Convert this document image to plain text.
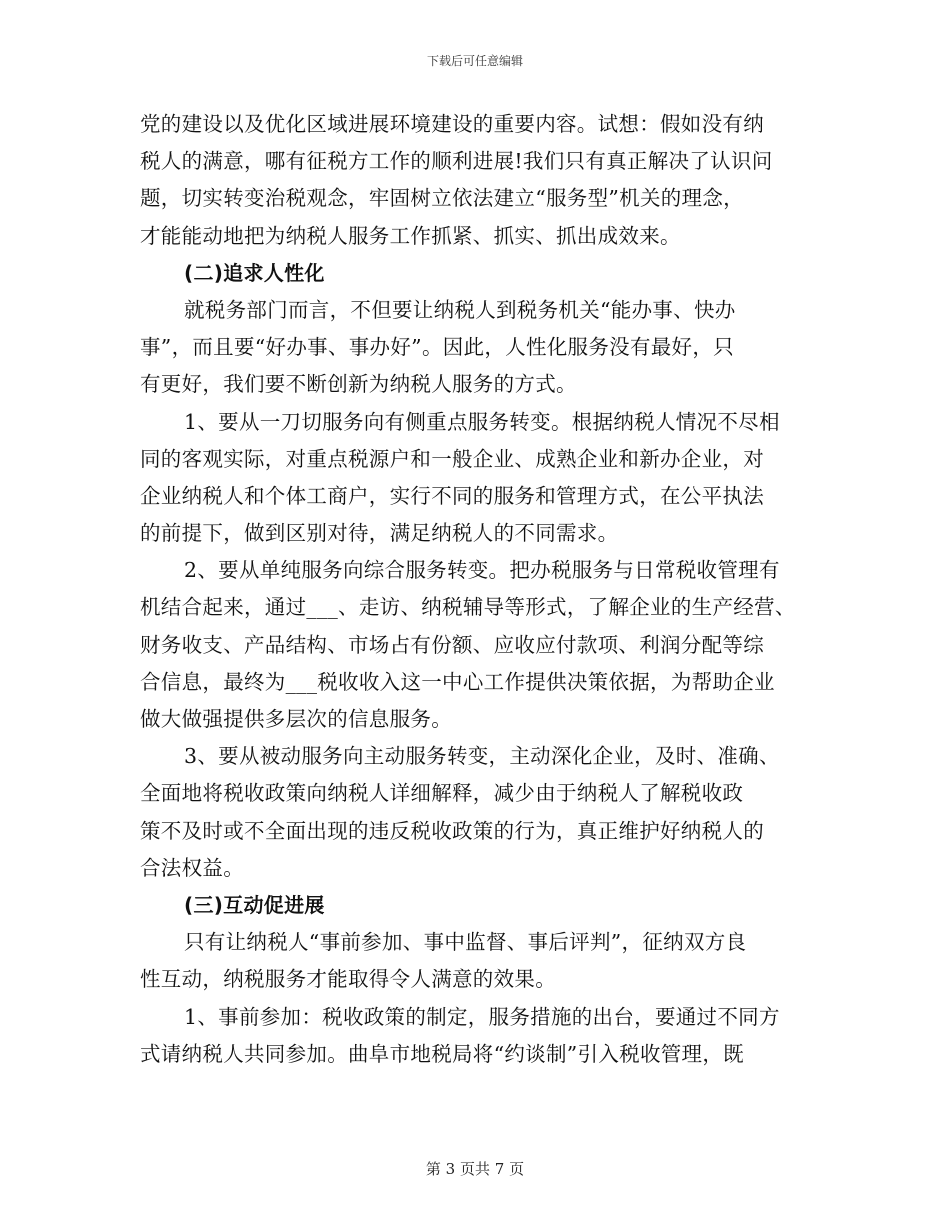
下载后可任意编辑
党的建设以及优化区域进展环境建设的重要内容。试想：假如没有纳
税人的满意，哪有征税方工作的顺利进展!我们只有真正解决了认识问
题，切实转变治税观念，牢固树立依法建立“服务型”机关的理念，
才能能动地把为纳税人服务工作抓紧、抓实、抓出成效来。
(二)追求人性化
就税务部门而言，不但要让纳税人到税务机关“能办事、快办
事”，而且要“好办事、事办好”。因此，人性化服务没有最好，只
有更好，我们要不断创新为纳税人服务的方式。
1、要从一刀切服务向有侧重点服务转变。根据纳税人情况不尽相
同的客观实际，对重点税源户和一般企业、成熟企业和新办企业，对
企业纳税人和个体工商户，实行不同的服务和管理方式，在公平执法
的前提下，做到区别对待，满足纳税人的不同需求。
2、要从单纯服务向综合服务转变。把办税服务与日常税收管理有
机结合起来，通过___、走访、纳税辅导等形式，了解企业的生产经营、
财务收支、产品结构、市场占有份额、应收应付款项、利润分配等综
合信息，最终为___税收收入这一中心工作提供决策依据，为帮助企业
做大做强提供多层次的信息服务。
3、要从被动服务向主动服务转变，主动深化企业，及时、准确、
全面地将税收政策向纳税人详细解释，减少由于纳税人了解税收政
策不及时或不全面出现的违反税收政策的行为，真正维护好纳税人的
合法权益。
(三)互动促进展
只有让纳税人“事前参加、事中监督、事后评判”，征纳双方良
性互动，纳税服务才能取得令人满意的效果。
1、事前参加：税收政策的制定，服务措施的出台，要通过不同方
式请纳税人共同参加。曲阜市地税局将“约谈制”引入税收管理，既
第 3 页共 7 页
